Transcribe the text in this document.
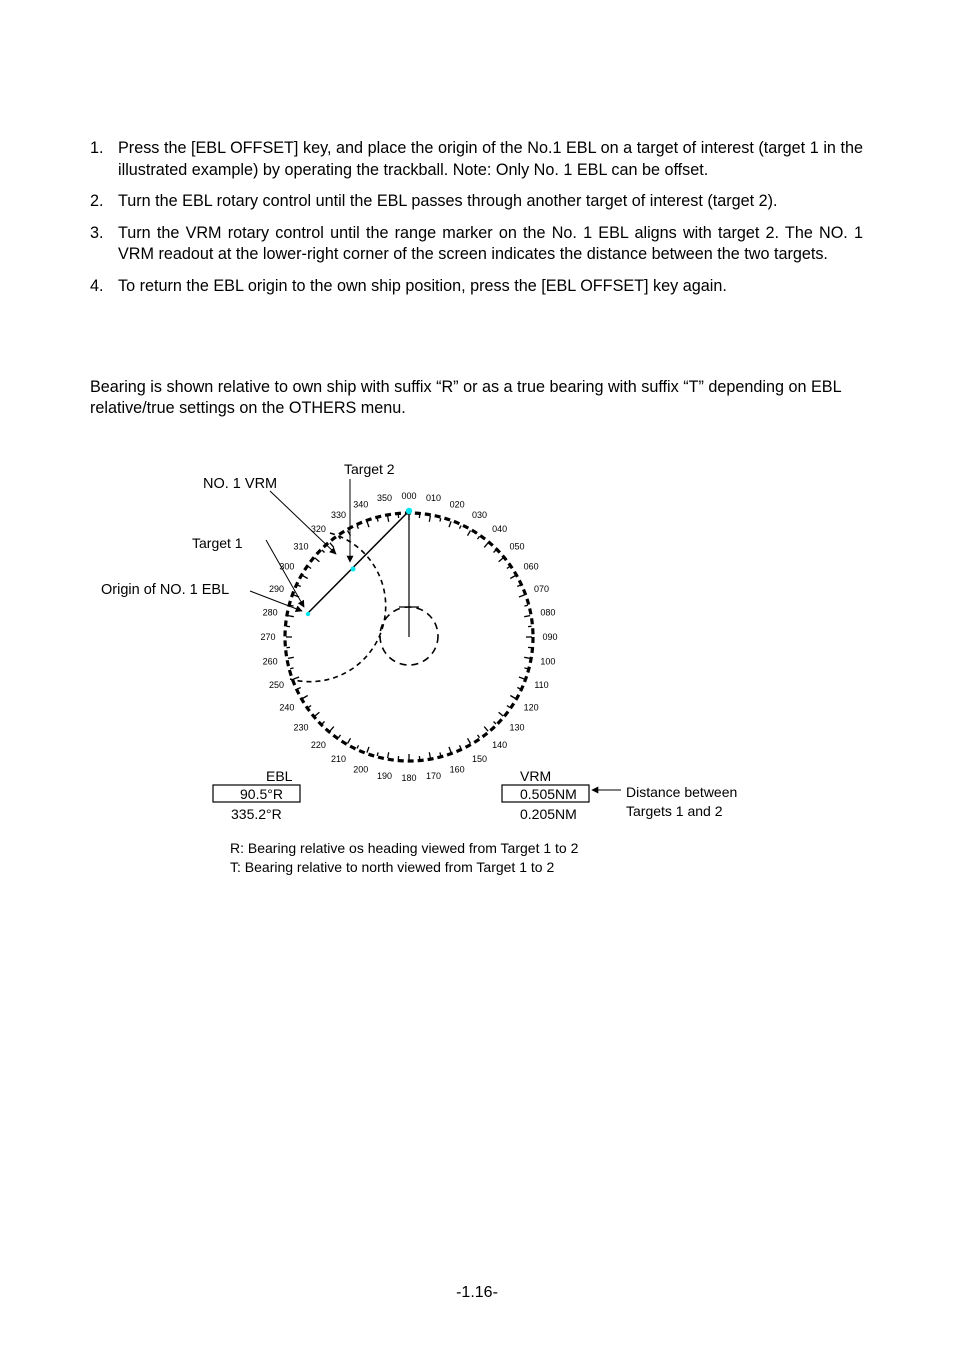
1. Press the [EBL OFFSET] key, and place the origin of the No.1 EBL on a target of interest (target 1 in the illustrated example) by operating the trackball. Note: Only No. 1 EBL can be offset.
2. Turn the EBL rotary control until the EBL passes through another target of interest (target 2).
3. Turn the VRM rotary control until the range marker on the No. 1 EBL aligns with target 2. The NO. 1 VRM readout at the lower-right corner of the screen indicates the distance between the two targets.
4. To return the EBL origin to the own ship position, press the [EBL OFFSET] key again.

Bearing is shown relative to own ship with suffix “R” or as a true bearing with suffix “T” depending on EBL relative/true settings on the OTHERS menu.

000 010
020
030
040
050
060
070
080
090
100
110
120
130
140
150
160
170
180
190
200
210
220
230
240
250
260
270
280
290
300
310
320
330
340
350
Target 2
NO. 1 VRM
Target 1
Origin of NO. 1 EBL
Distance between
Targets 1 and 2
EBL
90.5°R
335.2°R
VRM
0.505NM
0.205NM
R: Bearing relative os heading viewed from Target 1 to 2
T: Bearing relative to north viewed from Target 1 to 2
-1.16-
